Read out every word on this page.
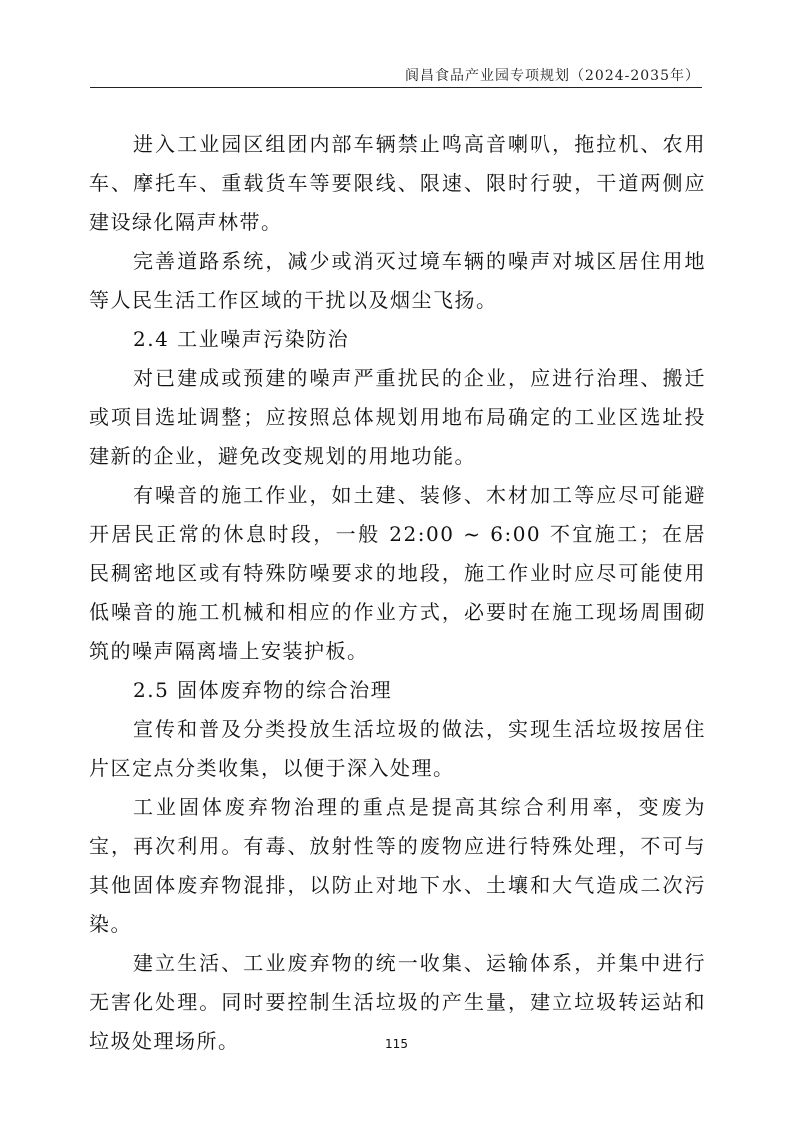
阆昌食品产业园专项规划（2024-2035年）

进入工业园区组团内部车辆禁止鸣高音喇叭，拖拉机、农用车、摩托车、重载货车等要限线、限速、限时行驶，干道两侧应建设绿化隔声林带。

完善道路系统，减少或消灭过境车辆的噪声对城区居住用地等人民生活工作区域的干扰以及烟尘飞扬。

2.4 工业噪声污染防治

对已建成或预建的噪声严重扰民的企业，应进行治理、搬迁或项目选址调整；应按照总体规划用地布局确定的工业区选址投建新的企业，避免改变规划的用地功能。

有噪音的施工作业，如土建、装修、木材加工等应尽可能避开居民正常的休息时段，一般 22:00 ~ 6:00 不宜施工；在居民稠密地区或有特殊防噪要求的地段，施工作业时应尽可能使用低噪音的施工机械和相应的作业方式，必要时在施工现场周围砌筑的噪声隔离墙上安装护板。

2.5 固体废弃物的综合治理

宣传和普及分类投放生活垃圾的做法，实现生活垃圾按居住片区定点分类收集，以便于深入处理。

工业固体废弃物治理的重点是提高其综合利用率，变废为宝，再次利用。有毒、放射性等的废物应进行特殊处理，不可与其他固体废弃物混排，以防止对地下水、土壤和大气造成二次污染。

建立生活、工业废弃物的统一收集、运输体系，并集中进行无害化处理。同时要控制生活垃圾的产生量，建立垃圾转运站和垃圾处理场所。	115
